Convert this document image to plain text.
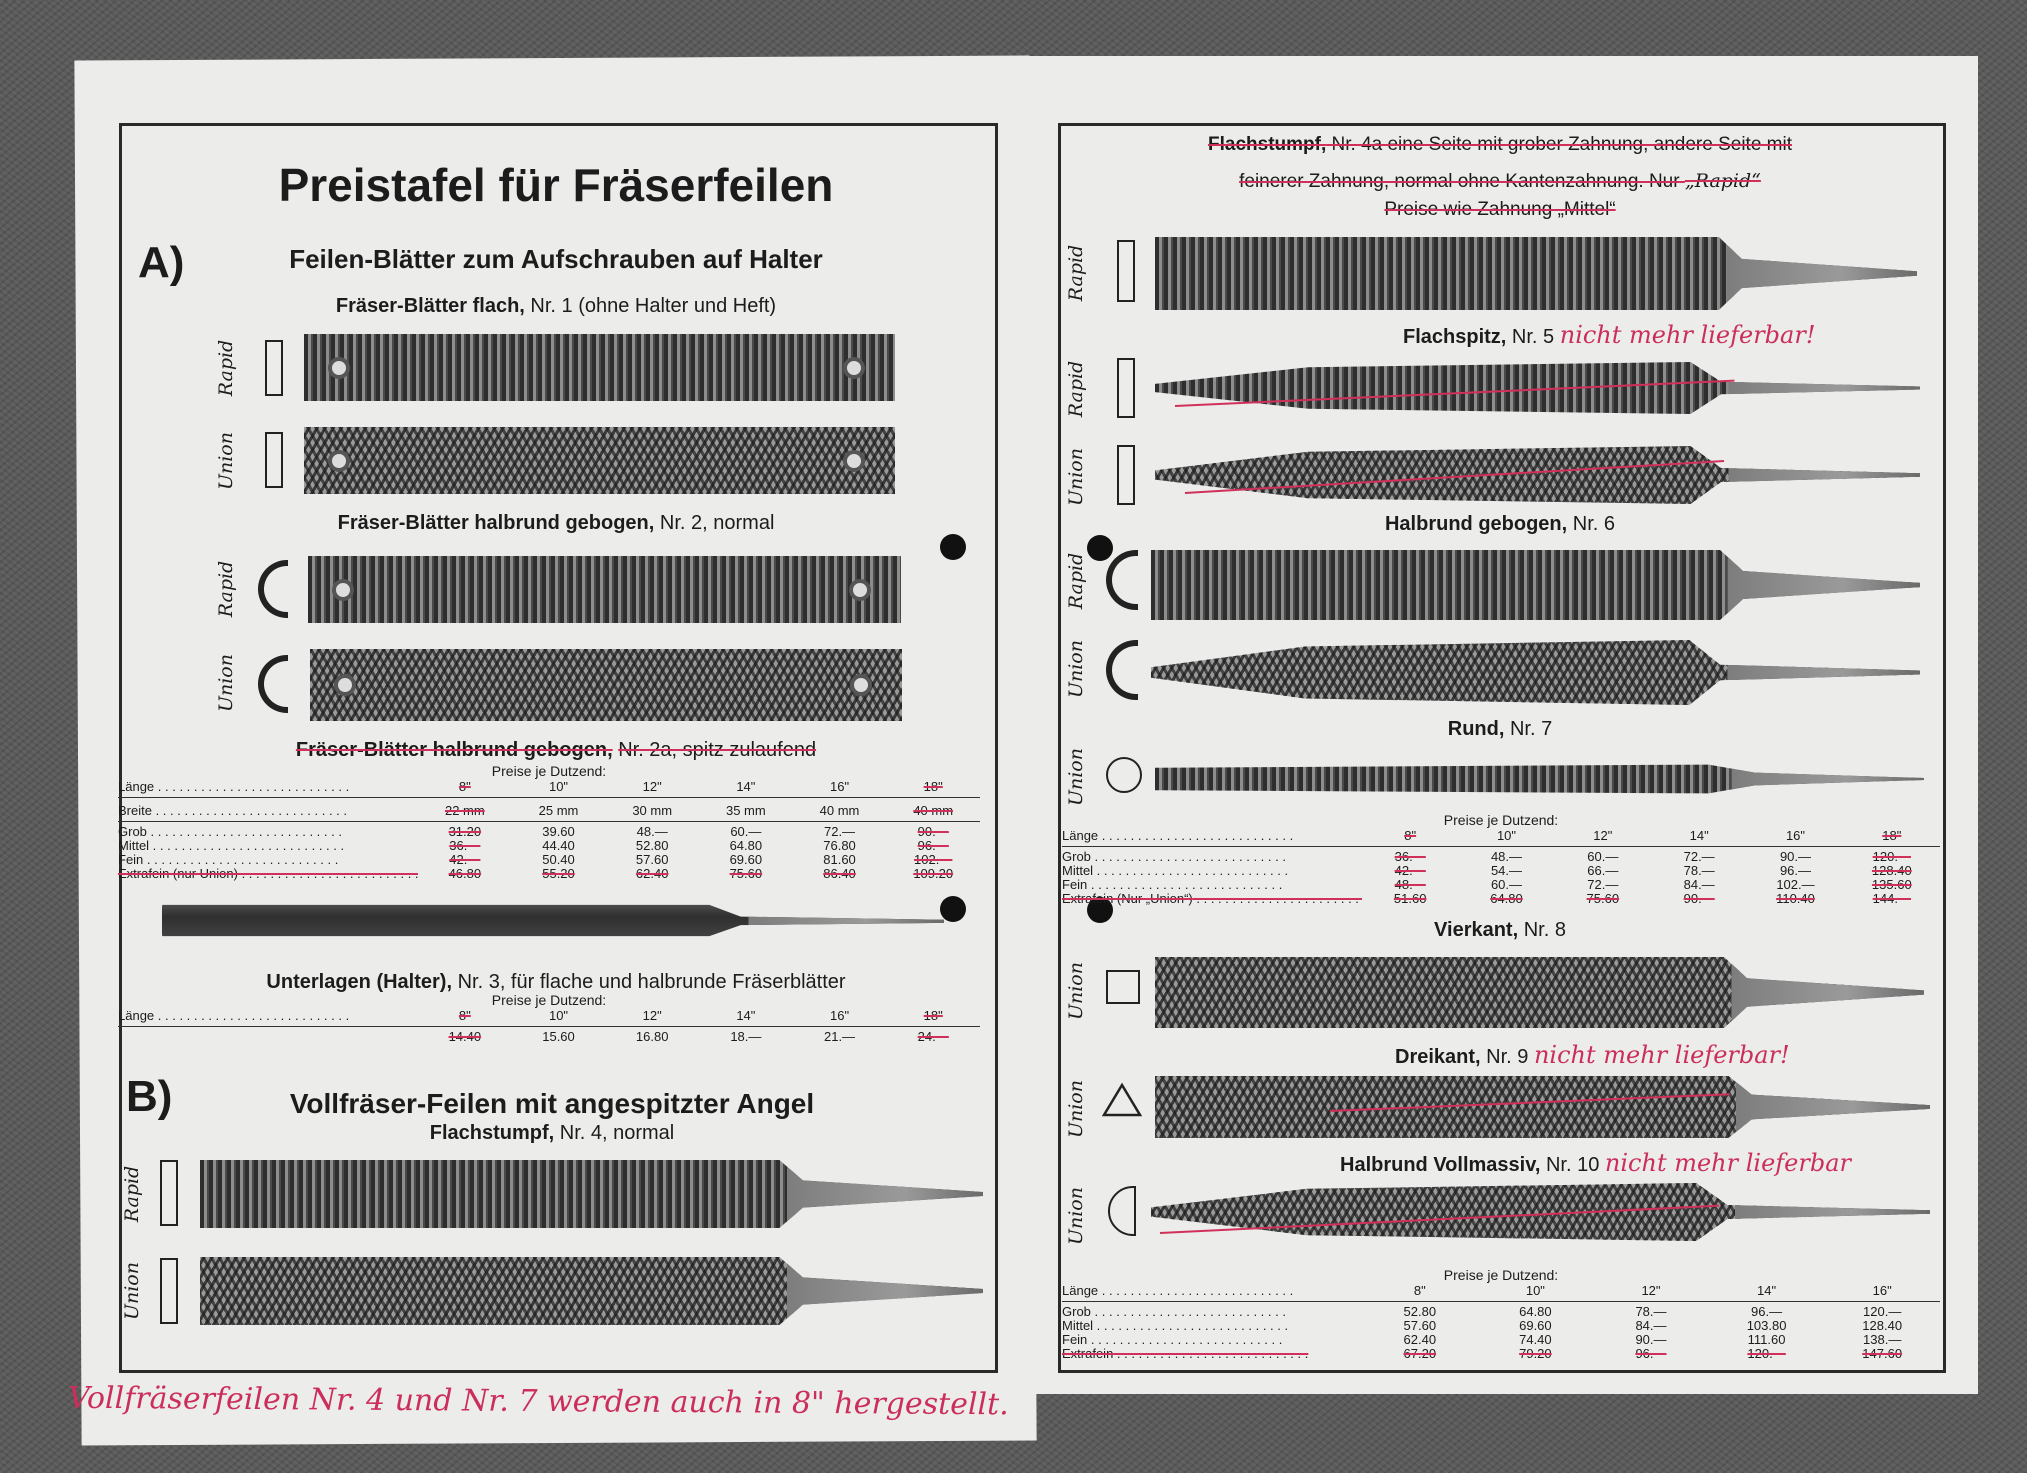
Preistafel für Fräserfeilen
A)	Feilen-Blätter zum Aufschrauben auf Halter
Fräser-Blätter flach, Nr. 1 (ohne Halter und Heft)
Rapid
Union
Fräser-Blätter halbrund gebogen, Nr. 2, normal
Rapid
Union
Fräser-Blätter halbrund gebogen, Nr. 2a, spitz zulaufend
Preise je Dutzend:
Länge . . .	8"	10"	12"	14"	16"	18"
Breite . . .	22 mm	25 mm	30 mm	35 mm	40 mm	40 mm
Grob . . .	31.20	39.60	48.—	60.—	72.—	90.—
Mittel . . .	36.—	44.40	52.80	64.80	76.80	96.—
Fein . . .	42.—	50.40	57.60	69.60	81.60	102.—
Extrafein (nur Union) . . .	46.80	55.20	62.40	75.60	86.40	109.20
Unterlagen (Halter), Nr. 3, für flache und halbrunde Fräserblätter
Preise je Dutzend:
Länge . . .	8"	10"	12"	14"	16"	18"
14.40	15.60	16.80	18.—	21.—	24.—
B)	Vollfräser-Feilen mit angespitzter Angel
Flachstumpf, Nr. 4, normal
Rapid
Union
Vollfräserfeilen Nr. 4 und Nr. 7 werden auch in 8" hergestellt.
Flachstumpf, Nr. 4a eine Seite mit grober Zahnung, andere Seite mit
feinerer Zahnung, normal ohne Kantenzahnung. Nur „Rapid“
Preise wie Zahnung „Mittel“
Rapid
Flachspitz, Nr. 5 nicht mehr lieferbar!
Rapid
Union
Halbrund gebogen, Nr. 6
Rapid
Union
Rund, Nr. 7
Union
Preise je Dutzend:
Länge . . .	8"	10"	12"	14"	16"	18"
Grob . . .	36.—	48.—	60.—	72.—	90.—	120.—
Mittel . . .	42.—	54.—	66.—	78.—	96.—	128.40
Fein . . .	48.—	60.—	72.—	84.—	102.—	135.60
Extrafein (Nur „Union“) . . .	51.60	64.80	75.60	90.—	110.40	144.—
Vierkant, Nr. 8
Union
Dreikant, Nr. 9 nicht mehr lieferbar!
Union
Halbrund Vollmassiv, Nr. 10 nicht mehr lieferbar
Union
Preise je Dutzend:
Länge . . .	8"	10"	12"	14"	16"
Grob . . .	52.80	64.80	78.—	96.—	120.—
Mittel . . .	57.60	69.60	84.—	103.80	128.40
Fein . . .	62.40	74.40	90.—	111.60	138.—
Extrafein . . .	67.20	79.20	96.—	120.—	147.60
